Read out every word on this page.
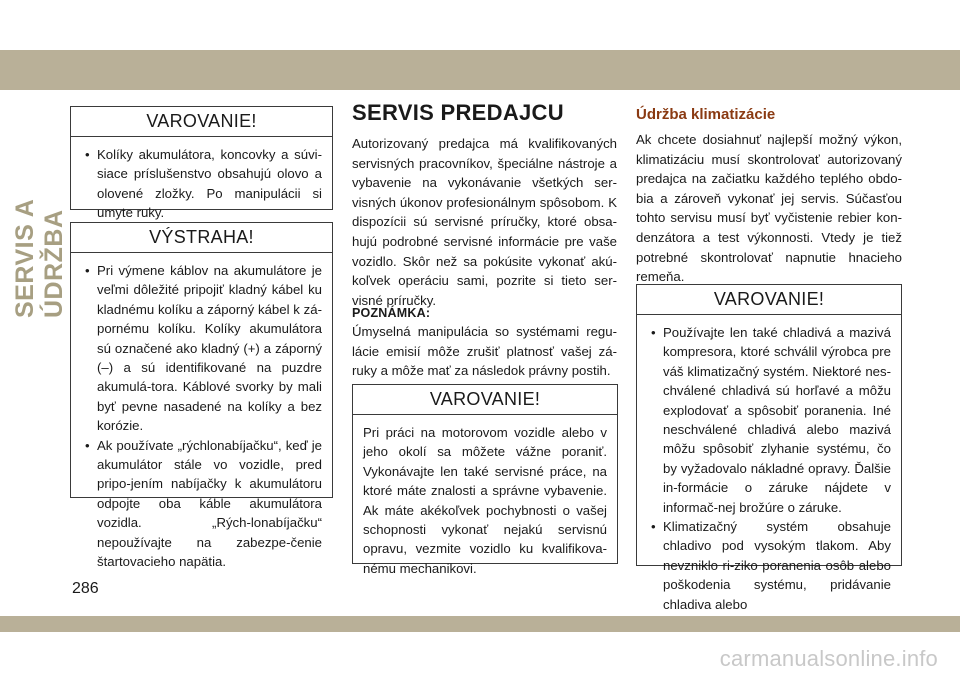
SERVIS A ÚDRŽBA
VAROVANIE!
• Kolíky akumulátora, koncovky a súvi-siace príslušenstvo obsahujú olovo a olovené zložky. Po manipulácii si umyte ruky.
VÝSTRAHA!
• Pri výmene káblov na akumulátore je veľmi dôležité pripojiť kladný kábel ku kladnému kolíku a záporný kábel k zá-pornému kolíku. Kolíky akumulátora sú označené ako kladný (+) a záporný (–) a sú identifikované na puzdre akumulá-tora. Káblové svorky by mali byť pevne nasadené na kolíky a bez korózie.
• Ak používate „rýchlonabíjačku“, keď je akumulátor stále vo vozidle, pred pripo-jením nabíjačky k akumulátoru odpojte oba káble akumulátora vozidla. „Rých-lonabíjačku“ nepoužívajte na zabezpe-čenie štartovacieho napätia.
SERVIS PREDAJCU
Autorizovaný predajca má kvalifikovaných servisných pracovníkov, špeciálne nástroje a vybavenie na vykonávanie všetkých ser-visných úkonov profesionálnym spôsobom. K dispozícii sú servisné príručky, ktoré obsa-hujú podrobné servisné informácie pre vaše vozidlo. Skôr než sa pokúsite vykonať akú-koľvek operáciu sami, pozrite si tieto ser-visné príručky.
POZNÁMKA:
Úmyselná manipulácia so systémami regu-lácie emisií môže zrušiť platnosť vašej zá-ruky a môže mať za následok právny postih.
VAROVANIE!

Pri práci na motorovom vozidle alebo v jeho okolí sa môžete vážne poraniť. Vykonávajte len také servisné práce, na ktoré máte znalosti a správne vybavenie. Ak máte akékoľvek pochybnosti o vašej schopnosti vykonať nejakú servisnú opravu, vezmite vozidlo ku kvalifikova-nému mechanikovi.

Údržba klimatizácie
Ak chcete dosiahnuť najlepší možný výkon, klimatizáciu musí skontrolovať autorizovaný predajca na začiatku každého teplého obdo-bia a zároveň vykonať jej servis. Súčasťou tohto servisu musí byť vyčistenie rebier kon-denzátora a test výkonnosti. Vtedy je tiež potrebné skontrolovať napnutie hnacieho remeňa.
VAROVANIE!
• Používajte len také chladivá a mazivá kompresora, ktoré schválil výrobca pre váš klimatizačný systém. Niektoré nes-chválené chladivá sú horľavé a môžu explodovať a spôsobiť poranenia. Iné neschválené chladivá alebo mazivá môžu spôsobiť zlyhanie systému, čo by vyžadovalo nákladné opravy. Ďalšie in-formácie o záruke nájdete v informač-nej brožúre o záruke.
• Klimatizačný systém obsahuje chladivo pod vysokým tlakom. Aby nevzniklo ri-ziko poranenia osôb alebo poškodenia systému, pridávanie chladiva alebo
286
carmanualsonline.info
